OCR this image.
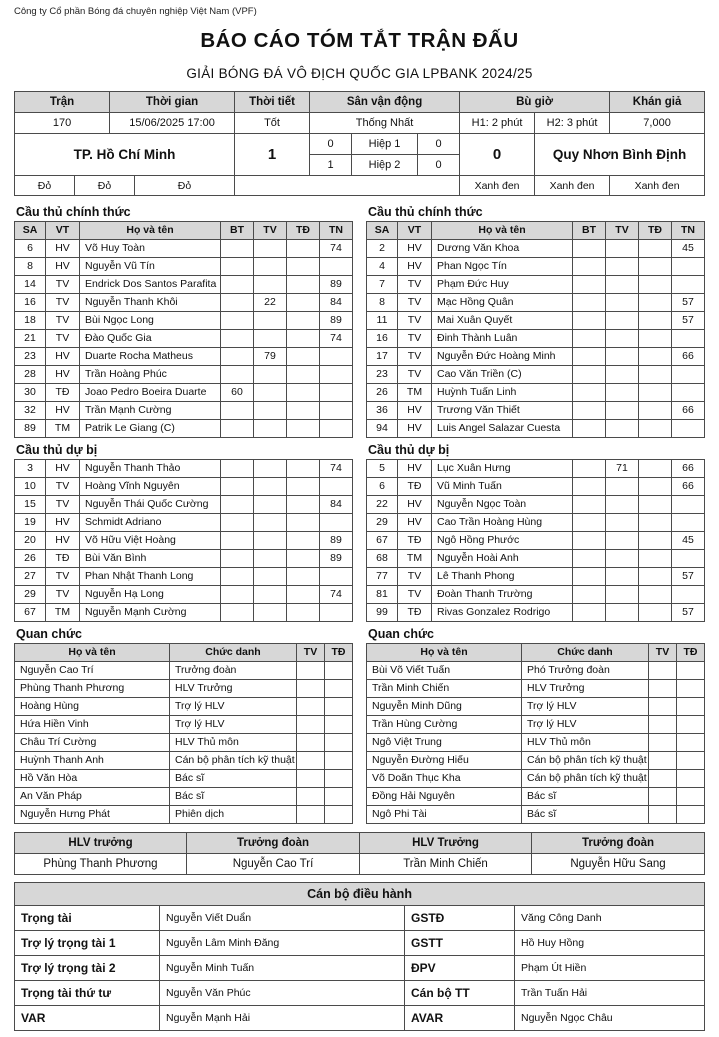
Công ty Cổ phần Bóng đá chuyên nghiệp Việt Nam (VPF)
BÁO CÁO TÓM TẮT TRẬN ĐẤU
GIẢI BÓNG ĐÁ VÔ ĐỊCH QUỐC GIA LPBANK 2024/25
Trận		Thời gian		Thời tiết	Sân vận động			Bù giờ		Khán giả
170		15/06/2025 17:00		Tốt	Thống Nhất			H1: 2 phút	H2: 3 phút	7,000
TP. Hồ Chí Minh				1	0	Hiệp 1	0	0	Quy Nhơn Bình Định	
					1	Hiệp 2	0			
Đỏ	Đỏ		Đỏ					Xanh đen	Xanh đen	Xanh đen
Cầu thủ chính thức
SA	VT	Họ và tên	BT	TV	TĐ	TN
6	HV	Võ Huy Toàn				74
8	HV	Nguyễn Vũ Tín				
14	TV	Endrick Dos Santos Parafita				89
16	TV	Nguyễn Thanh Khôi		22		84
18	TV	Bùi Ngọc Long				89
21	TV	Đào Quốc Gia				74
23	HV	Duarte Rocha Matheus		79		
28	HV	Trần Hoàng Phúc				
30	TĐ	Joao Pedro Boeira Duarte	60			
32	HV	Trần Mạnh Cường				
89	TM	Patrik Le Giang (C)				
Cầu thủ dự bị
3	HV	Nguyễn Thanh Thảo				74
10	TV	Hoàng Vĩnh Nguyên				
15	TV	Nguyễn Thái Quốc Cường				84
19	HV	Schmidt Adriano				
20	HV	Võ Hữu Việt Hoàng				89
26	TĐ	Bùi Văn Bình				89
27	TV	Phan Nhật Thanh Long				
29	TV	Nguyễn Hạ Long				74
67	TM	Nguyễn Mạnh Cường				
Quan chức
Họ và tên	Chức danh	TV	TĐ
Nguyễn Cao Trí	Trưởng đoàn		
Phùng Thanh Phương	HLV Trưởng		
Hoàng Hùng	Trợ lý HLV		
Hứa Hiền Vinh	Trợ lý HLV		
Châu Trí Cường	HLV Thủ môn		
Huỳnh Thanh Anh	Cán bộ phân tích kỹ thuật		
Hồ Văn Hòa	Bác sĩ		
An Văn Pháp	Bác sĩ		
Nguyễn Hưng Phát	Phiên dịch		
Cầu thủ chính thức
SA	VT	Họ và tên	BT	TV	TĐ	TN
2	HV	Dương Văn Khoa				45
4	HV	Phan Ngọc Tín				
7	TV	Phạm Đức Huy				
8	TV	Mạc Hồng Quân				57
11	TV	Mai Xuân Quyết				57
16	TV	Đinh Thành Luân				
17	TV	Nguyễn Đức Hoàng Minh				66
23	TV	Cao Văn Triền (C)				
26	TM	Huỳnh Tuấn Linh				
36	HV	Trương Văn Thiết				66
94	HV	Luis Angel Salazar Cuesta				
Cầu thủ dự bị
5	HV	Lục Xuân Hưng		71		66
6	TĐ	Vũ Minh Tuấn				66
22	HV	Nguyễn Ngọc Toàn				
29	HV	Cao Trần Hoàng Hùng				
67	TĐ	Ngô Hồng Phước				45
68	TM	Nguyễn Hoài Anh				
77	TV	Lê Thanh Phong				57
81	TV	Đoàn Thanh Trường				
99	TĐ	Rivas Gonzalez Rodrigo				57
Quan chức
Họ và tên	Chức danh	TV	TĐ
Bùi Võ Viết Tuấn	Phó Trưởng đoàn		
Trần Minh Chiến	HLV Trưởng		
Nguyễn Minh Dũng	Trợ lý HLV		
Trần Hùng Cường	Trợ lý HLV		
Ngô Việt Trung	HLV Thủ môn		
Nguyễn Đường Hiếu	Cán bộ phân tích kỹ thuật		
Võ Doãn Thục Kha	Cán bộ phân tích kỹ thuật		
Đồng Hải Nguyên	Bác sĩ		
Ngô Phi Tài	Bác sĩ		
HLV trưởng	Trưởng đoàn	HLV Trưởng	Trưởng đoàn
Phùng Thanh Phương	Nguyễn Cao Trí	Trần Minh Chiến	Nguyễn Hữu Sang
Cán bộ điều hành			
Trọng tài	Nguyễn Viết Duẩn	GSTĐ	Văng Công Danh
Trợ lý trọng tài 1	Nguyễn Lâm Minh Đăng	GSTT	Hồ Huy Hồng
Trợ lý trọng tài 2	Nguyễn Minh Tuấn	ĐPV	Phạm Út Hiền
Trọng tài thứ tư	Nguyễn Văn Phúc	Cán bộ TT	Trần Tuấn Hải
VAR	Nguyễn Mạnh Hải	AVAR	Nguyễn Ngọc Châu
